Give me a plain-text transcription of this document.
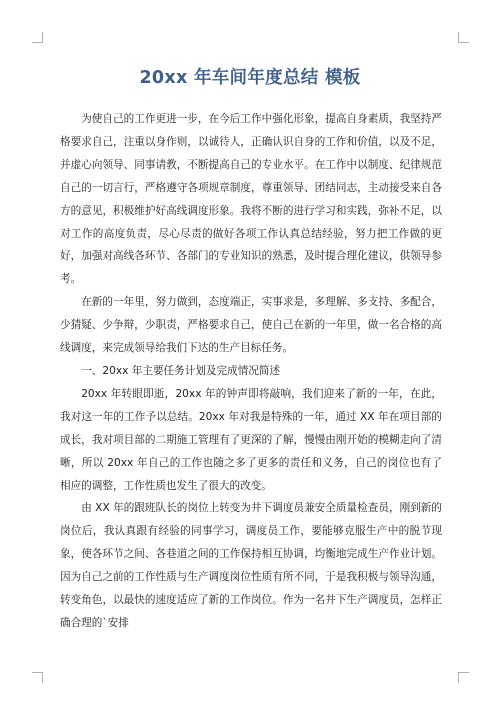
20xx 年车间年度总结 模板

为使自己的工作更进一步，在今后工作中强化形象，提高自身素质，我坚持严格要求自己，注重以身作则，以诚待人，正确认识自身的工作和价值，以及不足，并虚心向领导、同事请教，不断提高自己的专业水平。在工作中以制度、纪律规范自己的一切言行，严格遵守各项规章制度，尊重领导、团结同志，主动接受来自各方的意见，积极维护好高线调度形象。我将不断的进行学习和实践，弥补不足，以对工作的高度负责，尽心尽责的做好各项工作认真总结经验，努力把工作做的更好，加强对高线各环节、各部门的专业知识的熟悉，及时提合理化建议，供领导参考。

在新的一年里，努力做到，态度端正，实事求是，多理解、多支持、多配合，少猜疑、少争辩，少职责，严格要求自己，使自己在新的一年里，做一名合格的高线调度，来完成领导给我们下达的生产目标任务。

一、20xx 年主要任务计划及完成情况简述

20xx 年转眼即逝，20xx 年的钟声即将敲响，我们迎来了新的一年，在此，我对这一年的工作予以总结。20xx 年对我是特殊的一年，通过 XX 年在项目部的成长，我对项目部的二期施工管理有了更深的了解，慢慢由刚开始的模糊走向了清晰，所以 20xx 年自己的工作也随之多了更多的责任和义务，自己的岗位也有了相应的调整，工作性质也发生了很大的改变。

由 XX 年的跟班队长的岗位上转变为井下调度员兼安全质量检查员，刚到新的岗位后，我认真跟有经验的同事学习，调度员工作，要能够克服生产中的脱节现象，使各环节之间、各巷道之间的工作保持相互协调，均衡地完成生产作业计划。因为自己之前的工作性质与生产调度岗位性质有所不同，于是我积极与领导沟通，转变角色，以最快的速度适应了新的工作岗位。作为一名井下生产调度员，怎样正确合理的`安排
